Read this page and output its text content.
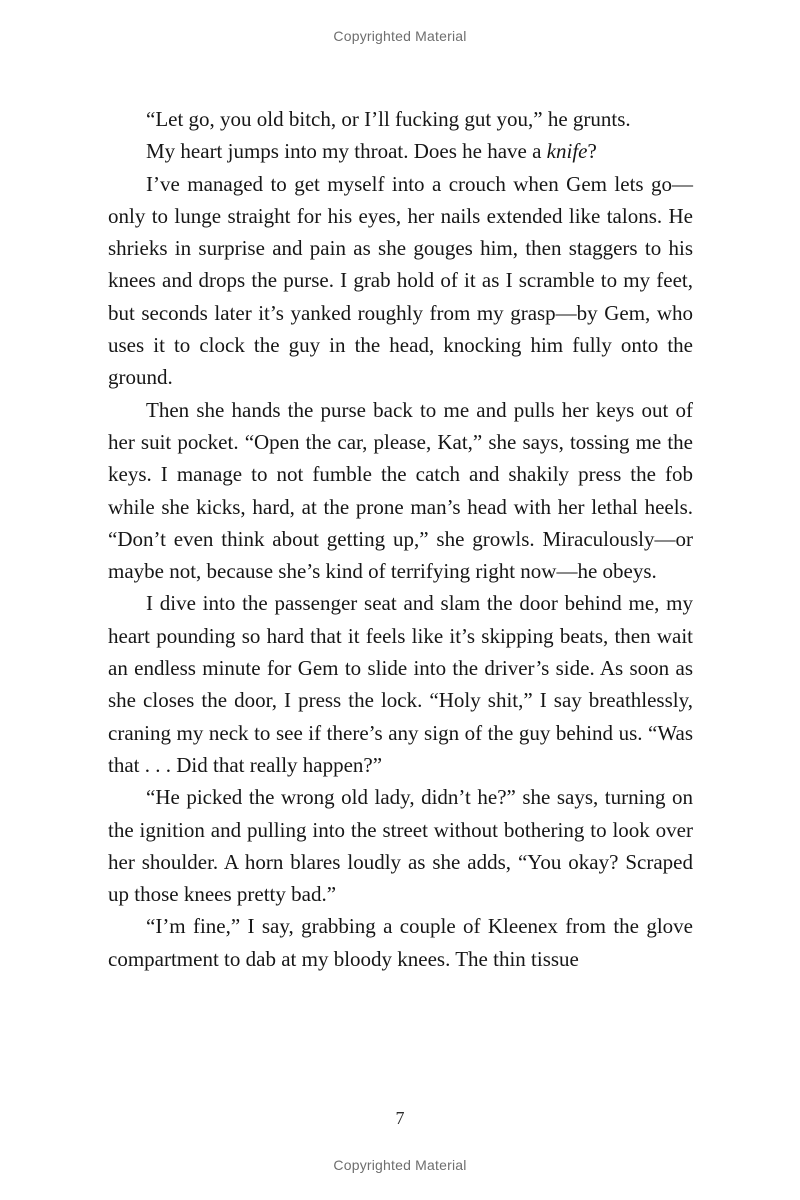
Copyrighted Material

“Let go, you old bitch, or I’ll fucking gut you,” he grunts.

My heart jumps into my throat. Does he have a knife?

I’ve managed to get myself into a crouch when Gem lets go—only to lunge straight for his eyes, her nails extended like talons. He shrieks in surprise and pain as she gouges him, then staggers to his knees and drops the purse. I grab hold of it as I scramble to my feet, but seconds later it’s yanked roughly from my grasp—by Gem, who uses it to clock the guy in the head, knocking him fully onto the ground.

Then she hands the purse back to me and pulls her keys out of her suit pocket. “Open the car, please, Kat,” she says, tossing me the keys. I manage to not fumble the catch and shakily press the fob while she kicks, hard, at the prone man’s head with her lethal heels. “Don’t even think about getting up,” she growls. Miraculously—or maybe not, because she’s kind of terrifying right now—he obeys.

I dive into the passenger seat and slam the door behind me, my heart pounding so hard that it feels like it’s skipping beats, then wait an endless minute for Gem to slide into the driver’s side. As soon as she closes the door, I press the lock. “Holy shit,” I say breathlessly, craning my neck to see if there’s any sign of the guy behind us. “Was that . . . Did that really happen?”

“He picked the wrong old lady, didn’t he?” she says, turning on the ignition and pulling into the street without bothering to look over her shoulder. A horn blares loudly as she adds, “You okay? Scraped up those knees pretty bad.”

“I’m fine,” I say, grabbing a couple of Kleenex from the glove compartment to dab at my bloody knees. The thin tissue

7
Copyrighted Material
